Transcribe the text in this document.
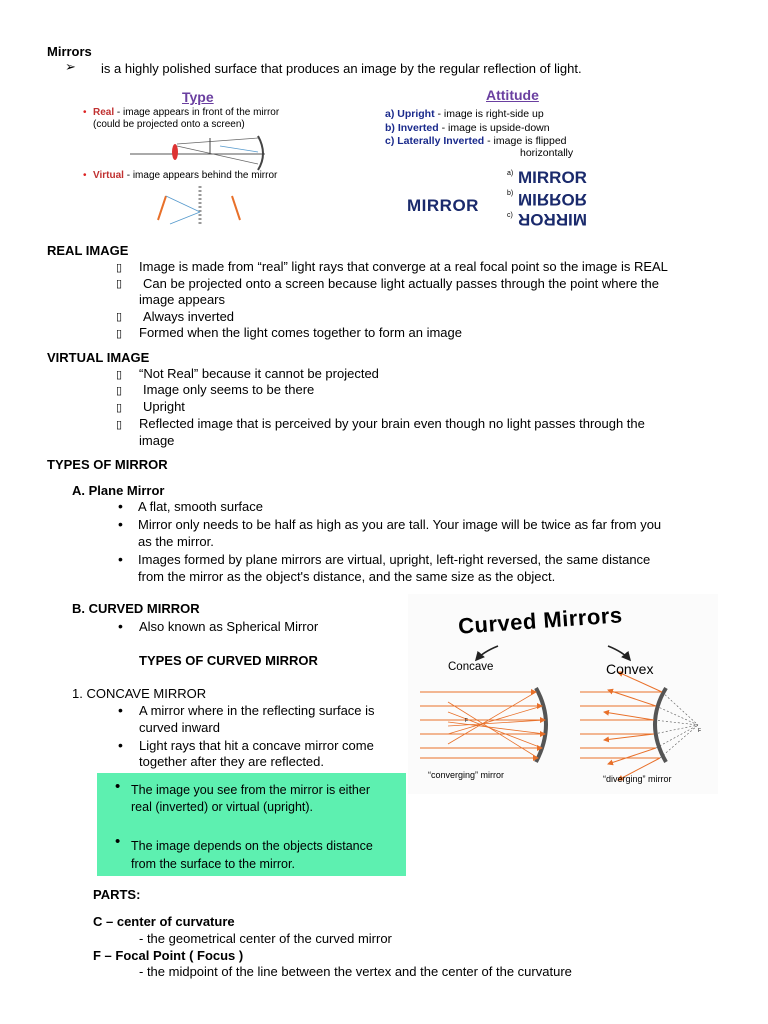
Mirrors
➢ is a highly polished surface that produces an image by the regular reflection of light.
Type
• Real - image appears in front of the mirror
(could be projected onto a screen)
• Virtual - image appears behind the mirror
Attitude
a) Upright - image is right-side up
b) Inverted - image is upside-down
c) Laterally Inverted - image is flipped
horizontally
MIRROR
a)
b)
c)
MIRROR
MIRROR
MIRROR
REAL IMAGE
▯ Image is made from “real” light rays that converge at a real focal point so the image is REAL
▯ Can be projected onto a screen because light actually passes through the point where the
image appears
▯ Always inverted
▯ Formed when the light comes together to form an image
VIRTUAL IMAGE
▯ “Not Real” because it cannot be projected
▯ Image only seems to be there
▯ Upright
▯ Reflected image that is perceived by your brain even though no light passes through the
image
TYPES OF MIRROR
A. Plane Mirror
• A flat, smooth surface
• Mirror only needs to be half as high as you are tall. Your image will be twice as far from you
as the mirror.
• Images formed by plane mirrors are virtual, upright, left-right reversed, the same distance
from the mirror as the object's distance, and the same size as the object.
B. CURVED MIRROR
• Also known as Spherical Mirror
TYPES OF CURVED MIRROR
1. CONCAVE MIRROR
• A mirror where in the reflecting surface is
curved inward
• Light rays that hit a concave mirror come
together after they are reflected.
• The image you see from the mirror is either
real (inverted) or virtual (upright).
• The image depends on the objects distance
from the surface to the mirror.
Curved Mirrors
Concave	Convex
F
F
“converging” mirror	“diverging” mirror
PARTS:
C – center of curvature
- the geometrical center of the curved mirror
F – Focal Point ( Focus )
- the midpoint of the line between the vertex and the center of the curvature
